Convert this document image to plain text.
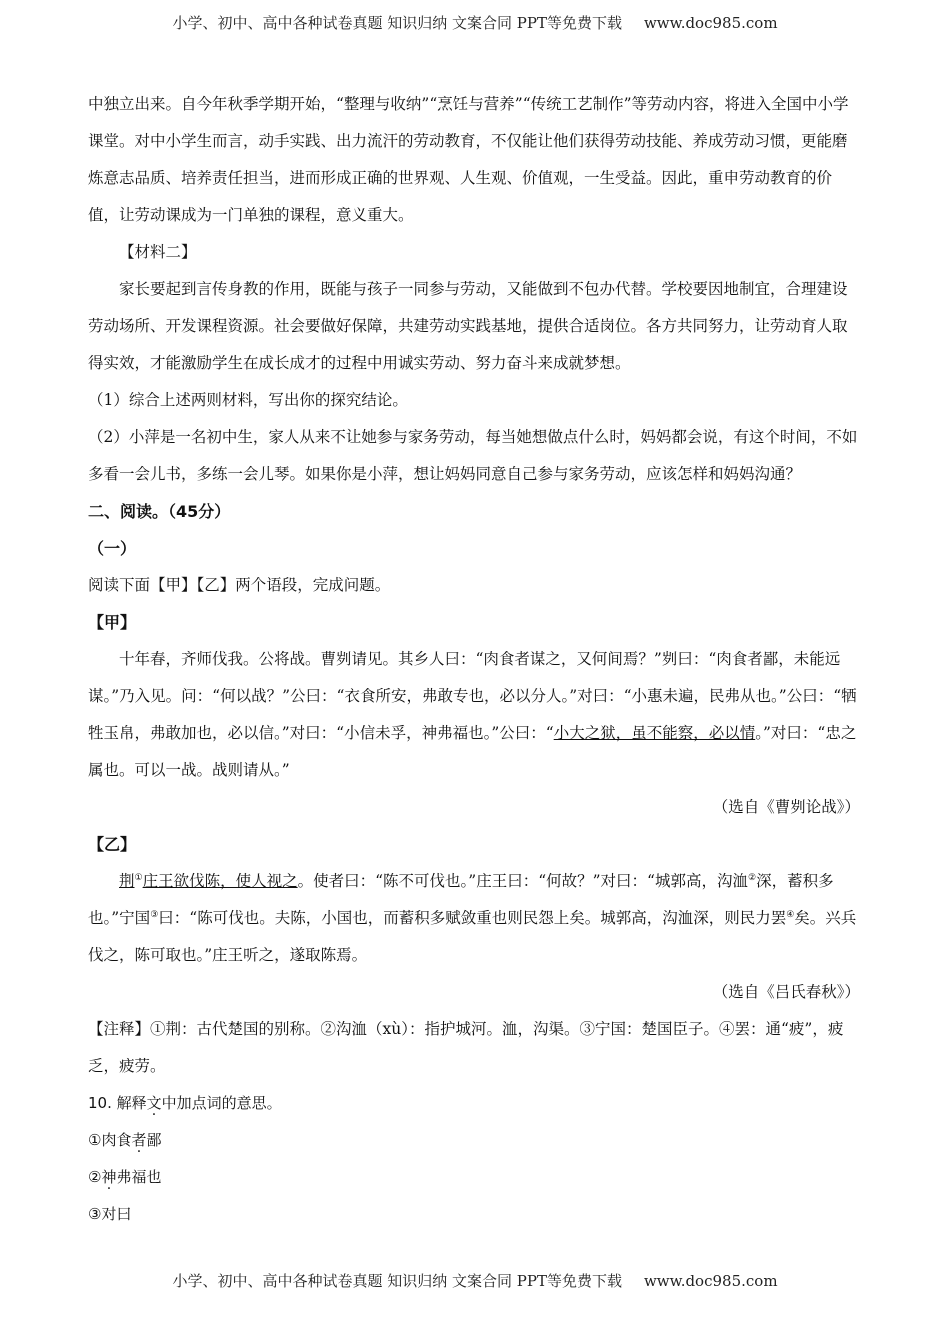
小学、初中、高中各种试卷真题 知识归纳 文案合同 PPT等免费下载 www.doc985.com

中独立出来。自今年秋季学期开始，“整理与收纳”“烹饪与营养”“传统工艺制作”等劳动内容，将进入全国中小学课堂。对中小学生而言，动手实践、出力流汗的劳动教育，不仅能让他们获得劳动技能、养成劳动习惯，更能磨炼意志品质、培养责任担当，进而形成正确的世界观、人生观、价值观，一生受益。因此，重申劳动教育的价值，让劳动课成为一门单独的课程，意义重大。

【材料二】

家长要起到言传身教的作用，既能与孩子一同参与劳动，又能做到不包办代替。学校要因地制宜，合理建设劳动场所、开发课程资源。社会要做好保障，共建劳动实践基地，提供合适岗位。各方共同努力，让劳动育人取得实效，才能激励学生在成长成才的过程中用诚实劳动、努力奋斗来成就梦想。

（1）综合上述两则材料，写出你的探究结论。

（2）小萍是一名初中生，家人从来不让她参与家务劳动，每当她想做点什么时，妈妈都会说，有这个时间，不如多看一会儿书，多练一会儿琴。如果你是小萍，想让妈妈同意自己参与家务劳动，应该怎样和妈妈沟通？

二、阅读。（45分）

（一）

阅读下面【甲】【乙】两个语段，完成问题。

【甲】

十年春，齐师伐我。公将战。曹刿请见。其乡人曰：“肉食者谋之，又何间焉？”刿曰：“肉食者鄙，未能远谋。”乃入见。问：“何以战？”公曰：“衣食所安，弗敢专也，必以分人。”对曰：“小惠未遍，民弗从也。”公曰：“牺牲玉帛，弗敢加也，必以信。”对曰：“小信未孚，神弗福也。”公曰：“小大之狱，虽不能察，必以情。”对曰：“忠之属也。可以一战。战则请从。”

（选自《曹刿论战》）

【乙】

荆①庄王欲伐陈，使人视之。使者曰：“陈不可伐也。”庄王曰：“何故？”对曰：“城郭高，沟洫②深，蓄积多也。”宁国③曰：“陈可伐也。夫陈，小国也，而蓄积多赋敛重也则民怨上矣。城郭高，沟洫深，则民力罢④矣。兴兵伐之，陈可取也。”庄王听之，遂取陈焉。

（选自《吕氏春秋》）

【注释】①荆：古代楚国的别称。②沟洫（xù）：指护城河。洫，沟渠。③宁国：楚国臣子。④罢：通“疲”，疲乏，疲劳。

10. 解释文中加点词的意思。

①肉食者鄙

②神弗福也

③对曰

小学、初中、高中各种试卷真题 知识归纳 文案合同 PPT等免费下载 www.doc985.com
